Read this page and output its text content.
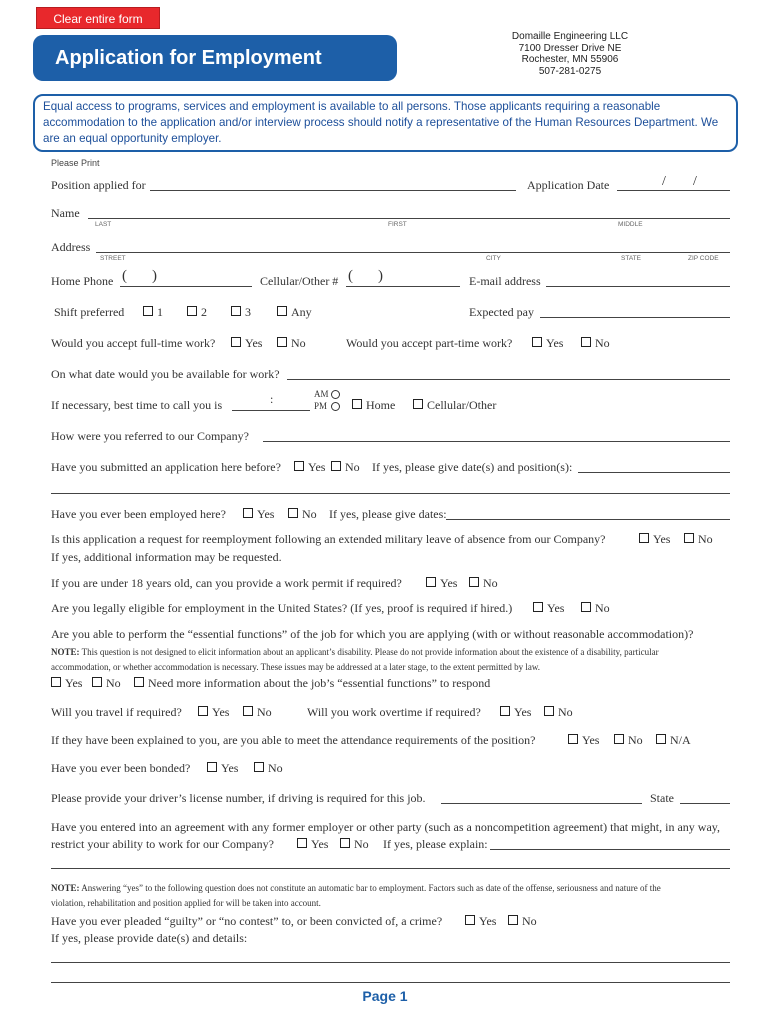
Clear entire form
Application for Employment
Domaille Engineering LLC
7100 Dresser Drive NE
Rochester, MN 55906
507-281-0275
Equal access to programs, services and employment is available to all persons. Those applicants requiring a reasonable accommodation to the application and/or interview process should notify a representative of the Human Resources Department. We are an equal opportunity employer.
Please Print
Position applied for	Application Date	/ /
Name
LAST	FIRST	MIDDLE
Address
STREET	CITY	STATE	ZIP CODE
Home Phone ( )	Cellular/Other # ( )	E-mail address
Shift preferred	1	2	3	Any	Expected pay
Would you accept full-time work? Yes No	Would you accept part-time work?	Yes	No
On what date would you be available for work?
If necessary, best time to call you is	:	AM
PM	Home	Cellular/Other
How were you referred to our Company?
Have you submitted an application here before? Yes No If yes, please give date(s) and position(s):
Have you ever been employed here?	Yes No If yes, please give dates:
Is this application a request for reemployment following an extended military leave of absence from our Company?	Yes No
If yes, additional information may be requested.
If you are under 18 years old, can you provide a work permit if required?	Yes No
Are you legally eligible for employment in the United States? (If yes, proof is required if hired.)	Yes	No
Are you able to perform the “essential functions” of the job for which you are applying (with or without reasonable accommodation)?
NOTE: This question is not designed to elicit information about an applicant’s disability. Please do not provide information about the existence of a disability, particular
accommodation, or whether accommodation is necessary. These issues may be addressed at a later stage, to the extent permitted by law.
Yes No Need more information about the job’s “essential functions” to respond
Will you travel if required?	Yes No	Will you work overtime if required?	Yes No
If they have been explained to you, are you able to meet the attendance requirements of the position?	Yes No N/A
Have you ever been bonded?	Yes No
Please provide your driver’s license number, if driving is required for this job.	State
Have you entered into an agreement with any former employer or other party (such as a noncompetition agreement) that might, in any way,
restrict your ability to work for our Company?	Yes No If yes, please explain:
NOTE: Answering “yes” to the following question does not constitute an automatic bar to employment. Factors such as date of the offense, seriousness and nature of the
violation, rehabilitation and position applied for will be taken into account.
Have you ever pleaded “guilty” or “no contest” to, or been convicted of, a crime?	Yes No
If yes, please provide date(s) and details:
Page 1
